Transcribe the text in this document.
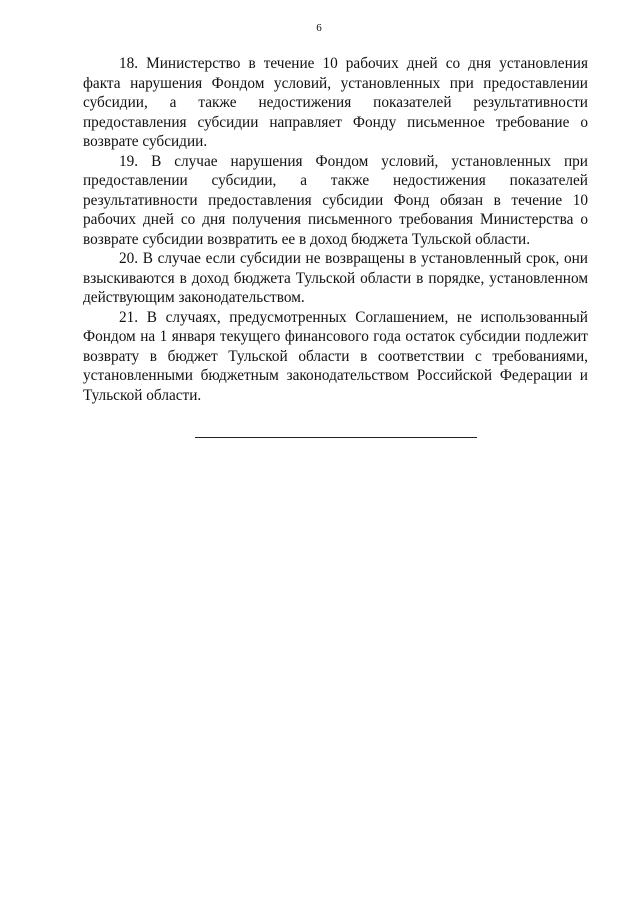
6

18. Министерство в течение 10 рабочих дней со дня установления факта нарушения Фондом условий, установленных при предоставлении субсидии, а также недостижения показателей результативности предоставления субсидии направляет Фонду письменное требование о возврате субсидии.

19. В случае нарушения Фондом условий, установленных при предоставлении субсидии, а также недостижения показателей результативности предоставления субсидии Фонд обязан в течение 10 рабочих дней со дня получения письменного требования Министерства о возврате субсидии возвратить ее в доход бюджета Тульской области.

20. В случае если субсидии не возвращены в установленный срок, они взыскиваются в доход бюджета Тульской области в порядке, установленном действующим законодательством.

21. В случаях, предусмотренных Соглашением, не использованный Фондом на 1 января текущего финансового года остаток субсидии подлежит возврату в бюджет Тульской области в соответствии с требованиями, установленными бюджетным законодательством Российской Федерации и Тульской области.
